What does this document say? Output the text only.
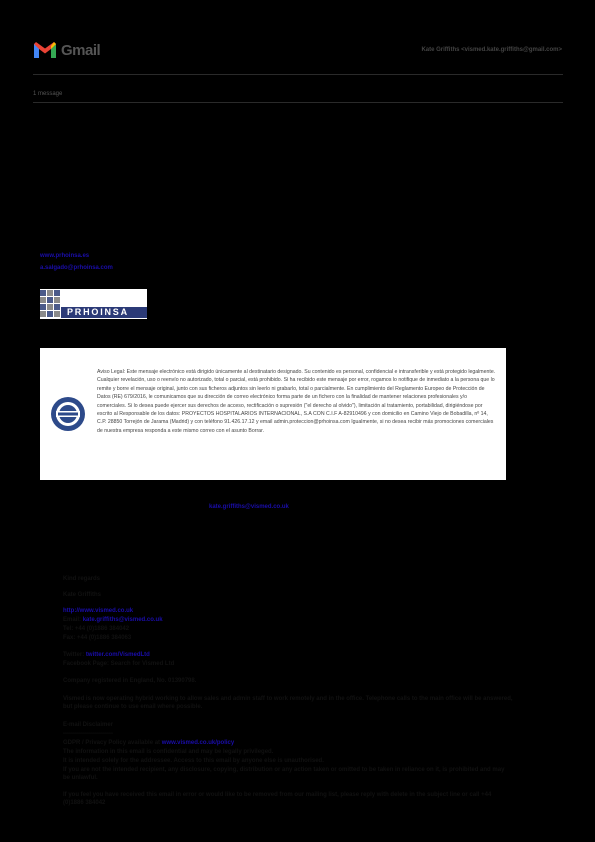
Gmail	Kate Griffiths <vismed.kate.griffiths@gmail.com>
1 message
www.prhoinsa.es
a.salgado@prhoinsa.com
PRHOINSA
Aviso Legal: Este mensaje electrónico está dirigido únicamente al destinatario designado. Su contenido es personal, confidencial e intransferible y está protegido legalmente. Cualquier revelación, uso o reenvío no autorizado, total o parcial, está prohibido. Si ha recibido este mensaje por error, rogamos lo notifique de inmediato a la persona que lo remite y borre el mensaje original, junto con sus ficheros adjuntos sin leerlo ni grabarlo, total o parcialmente. En cumplimiento del Reglamento Europeo de Protección de Datos (RE) 679/2016, le comunicamos que su dirección de correo electrónico forma parte de un fichero con la finalidad de mantener relaciones profesionales y/o comerciales. Si lo desea puede ejercer sus derechos de acceso, rectificación o supresión ("el derecho al olvido"), limitación al tratamiento, portabilidad, dirigiéndose por escrito al Responsable de los datos: PROYECTOS HOSPITALARIOS INTERNACIONAL, S.A CON C.I.F A-82910496 y con domicilio en Camino Viejo de Bobadilla, nº 14, C.P. 28850 Torrejón de Jarama (Madrid) y con teléfono 91.426.17.12 y email admin.proteccion@prhoinsa.com Igualmente, si no desea recibir más promociones comerciales de nuestra empresa responda a este mismo correo con el asunto Borrar.
kate.griffiths@vismed.co.uk
Kind regards
Kate Griffiths
http://www.vismed.co.uk
Email: kate.griffiths@vismed.co.uk
Tel: +44 (0)1886 384042
Fax: +44 (0)1886 384063
Twitter: twitter.com/VismedLtd
Facebook Page: Search for Vismed Ltd
Company registered in England, No. 01390798.
Vismed is now operating hybrid working to allow sales and admin staff to work remotely and in the office. Telephone calls to the main office will be answered, but please continue to use email where possible.
E-mail Disclaimer
-------------------------
GDPR / Privacy Policy available at www.vismed.co.uk/policy
The information in this email is confidential and may be legally privileged.
It is intended solely for the addressee. Access to this email by anyone else is unauthorised.
If you are not the intended recipient, any disclosure, copying, distribution or any action taken or omitted to be taken in reliance on it, is prohibited and may be unlawful.
If you feel you have received this email in error or would like to be removed from our mailing list, please reply with delete in the subject line or call +44 (0)1886 384042
